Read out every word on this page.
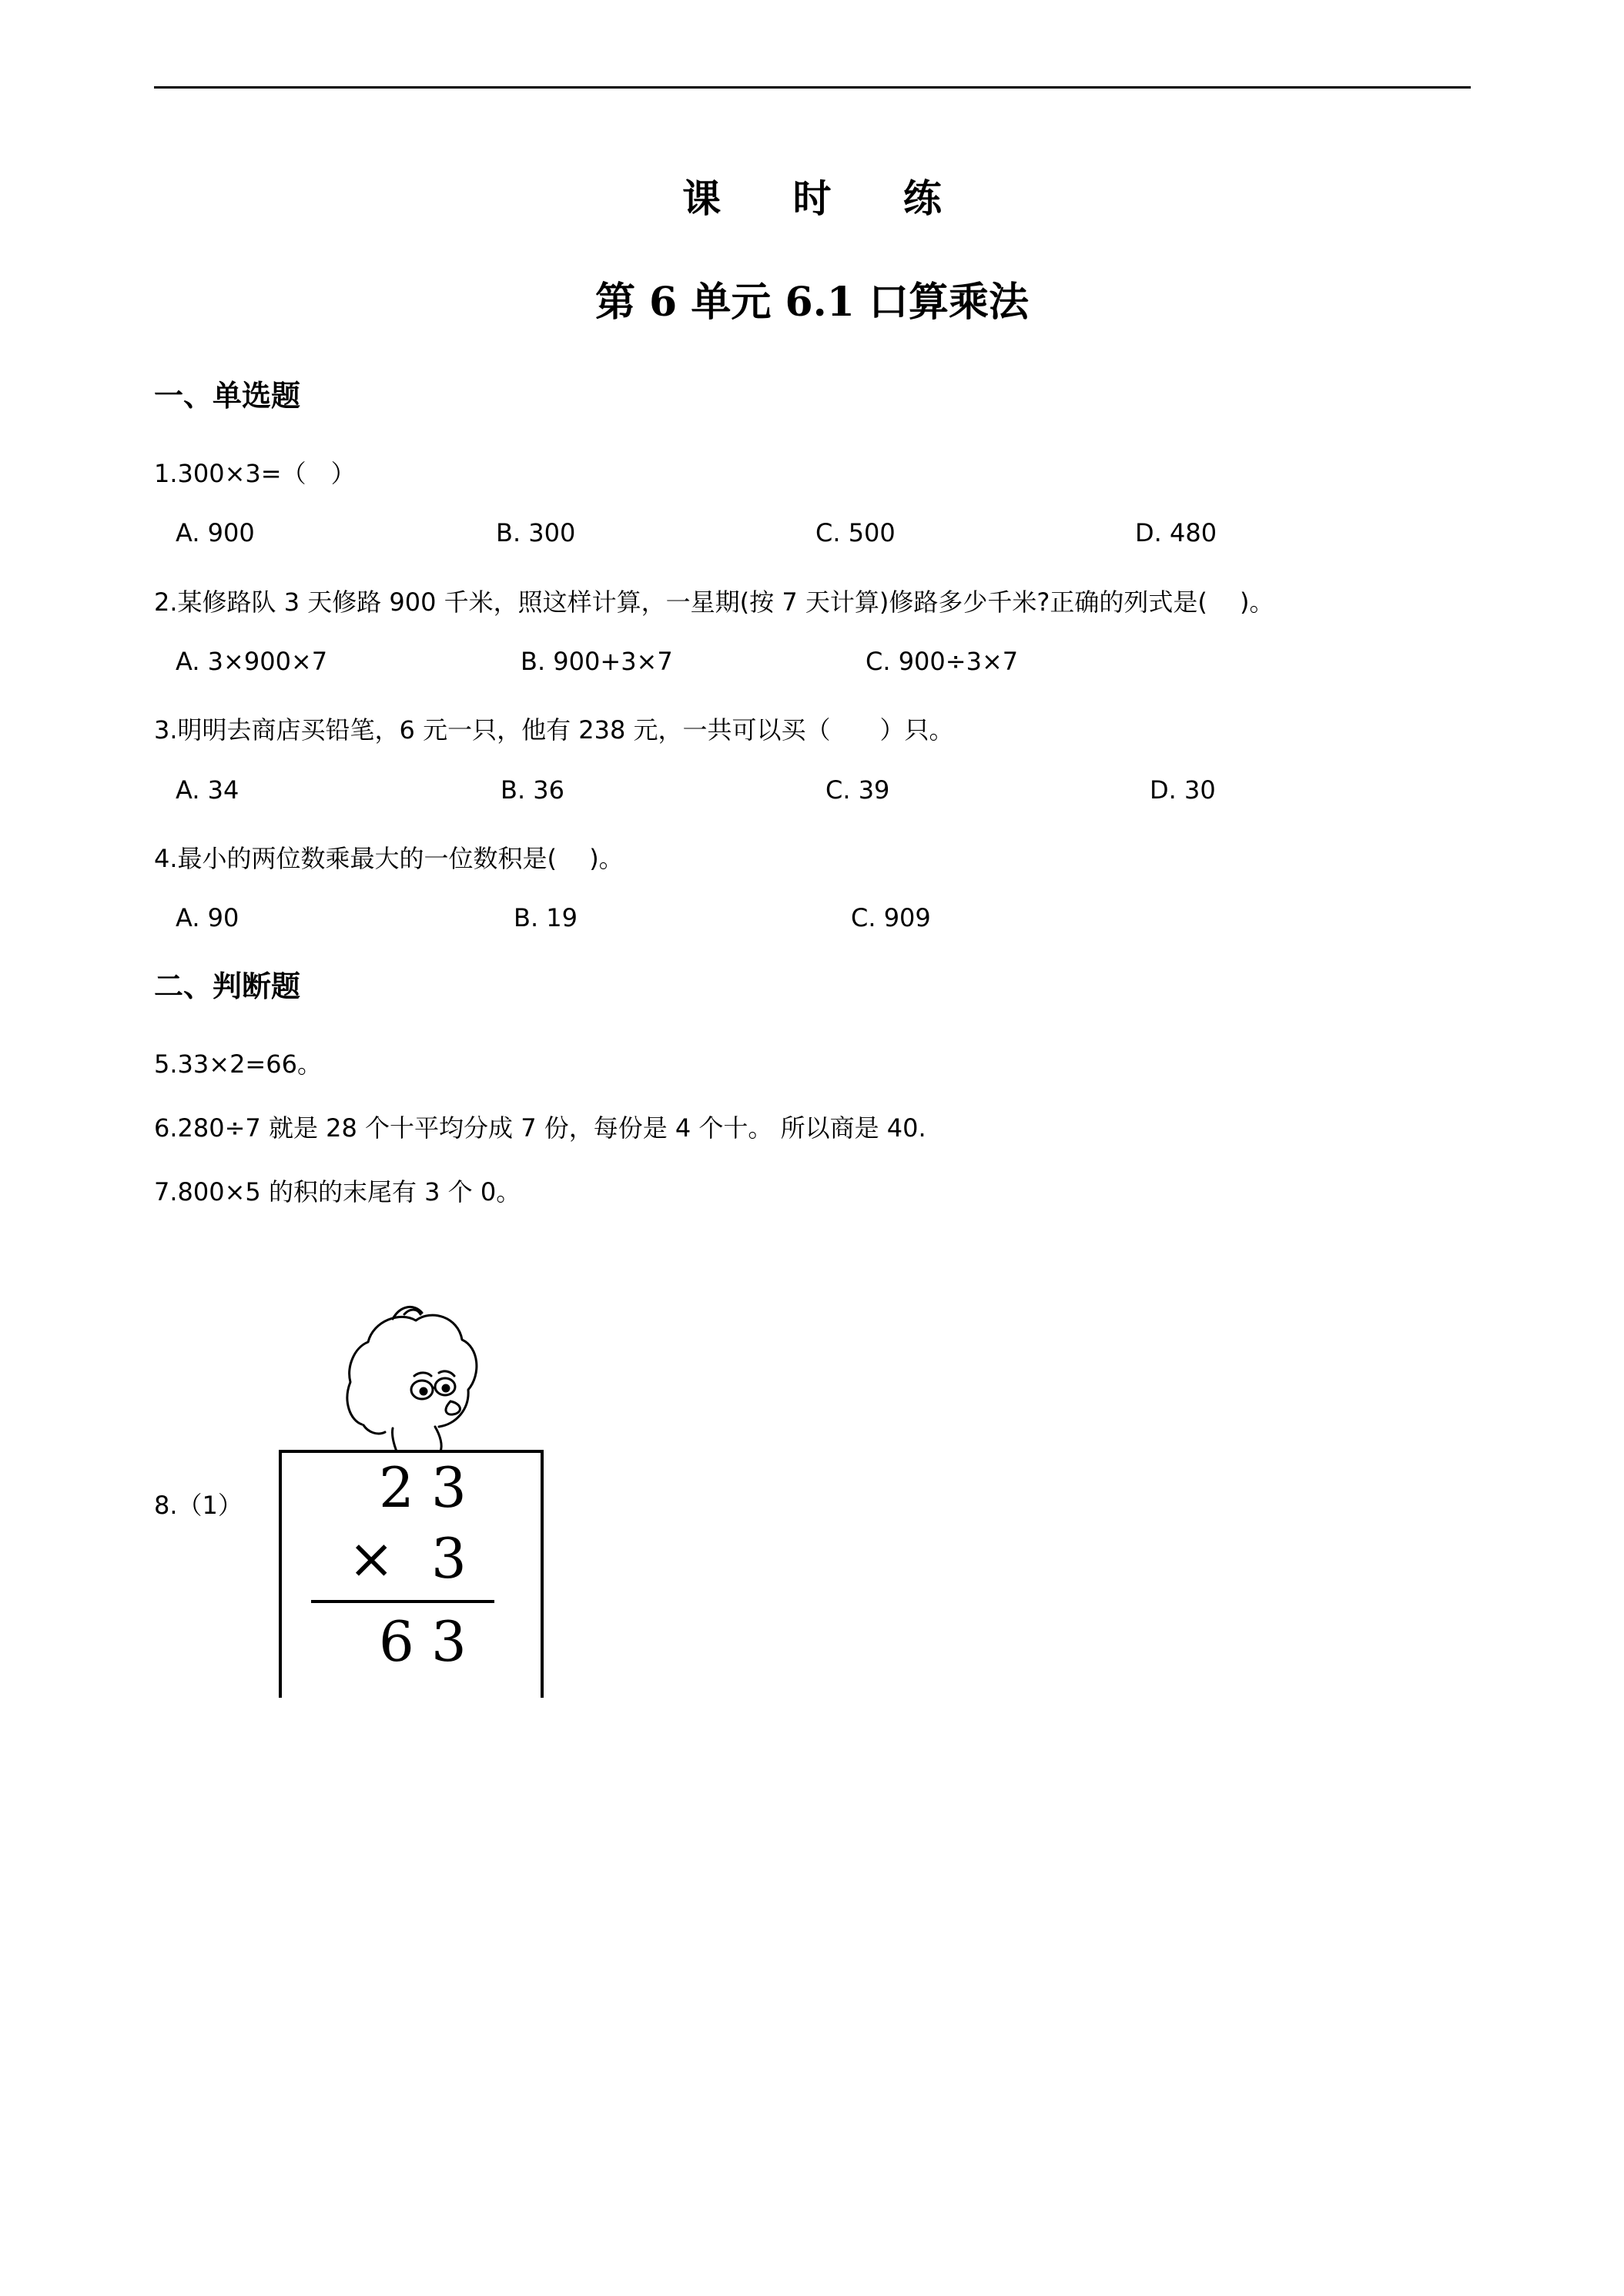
课 时 练
第 6 单元 6.1 口算乘法
一、单选题
1.300×3=（　）
A. 900	B. 300	C. 500	D. 480
2.某修路队 3 天修路 900 千米，照这样计算，一星期(按 7 天计算)修路多少千米?正确的列式是(　 )。
A. 3×900×7	B. 900+3×7	C. 900÷3×7
3.明明去商店买铅笔，6 元一只，他有 238 元，一共可以买（　　）只。
A. 34	B. 36	C. 39	D. 30
4.最小的两位数乘最大的一位数积是(　 )。
A. 90	B. 19	C. 909
二、判断题
5.33×2=66。
6.280÷7 就是 28 个十平均分成 7 份，每份是 4 个十。 所以商是 40.
7.800×5 的积的末尾有 3 个 0。
8.（1） 2 3
× 3
6 3
